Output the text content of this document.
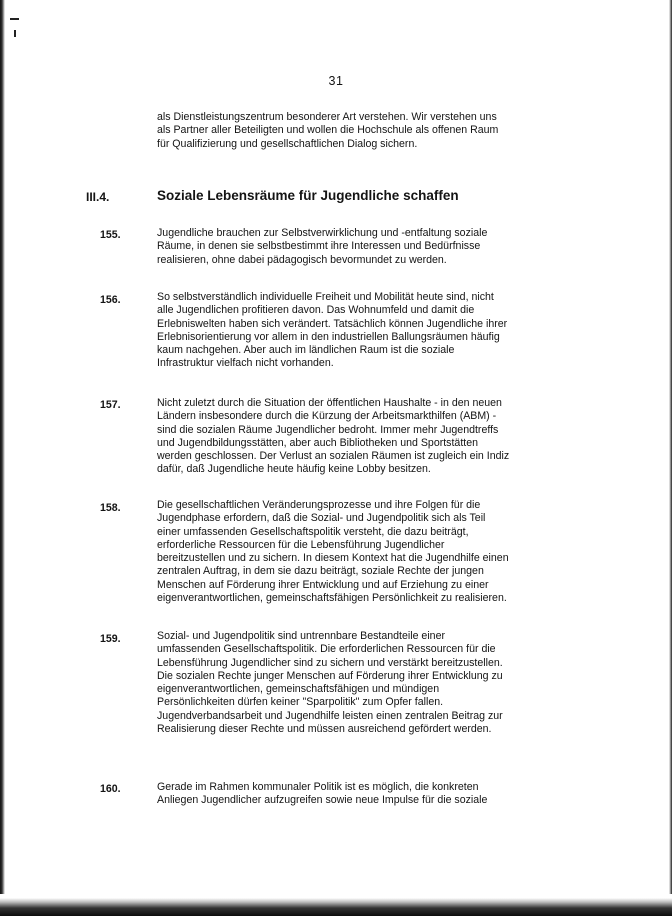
31

als Dienstleistungszentrum besonderer Art verstehen. Wir verstehen uns
als Partner aller Beteiligten und wollen die Hochschule als offenen Raum
für Qualifizierung und gesellschaftlichen Dialog sichern.

III.4.	Soziale Lebensräume für Jugendliche schaffen
155.	Jugendliche brauchen zur Selbstverwirklichung und -entfaltung soziale
Räume, in denen sie selbstbestimmt ihre Interessen und Bedürfnisse
realisieren, ohne dabei pädagogisch bevormundet zu werden.

156.	So selbstverständlich individuelle Freiheit und Mobilität heute sind, nicht
alle Jugendlichen profitieren davon. Das Wohnumfeld und damit die
Erlebniswelten haben sich verändert. Tatsächlich können Jugendliche ihrer
Erlebnisorientierung vor allem in den industriellen Ballungsräumen häufig
kaum nachgehen. Aber auch im ländlichen Raum ist die soziale
Infrastruktur vielfach nicht vorhanden.

157.	Nicht zuletzt durch die Situation der öffentlichen Haushalte - in den neuen
Ländern insbesondere durch die Kürzung der Arbeitsmarkthilfen (ABM) -
sind die sozialen Räume Jugendlicher bedroht. Immer mehr Jugendtreffs
und Jugendbildungsstätten, aber auch Bibliotheken und Sportstätten
werden geschlossen. Der Verlust an sozialen Räumen ist zugleich ein Indiz
dafür, daß Jugendliche heute häufig keine Lobby besitzen.

158.	Die gesellschaftlichen Veränderungsprozesse und ihre Folgen für die
Jugendphase erfordern, daß die Sozial- und Jugendpolitik sich als Teil
einer umfassenden Gesellschaftspolitik versteht, die dazu beiträgt,
erforderliche Ressourcen für die Lebensführung Jugendlicher
bereitzustellen und zu sichern. In diesem Kontext hat die Jugendhilfe einen
zentralen Auftrag, in dem sie dazu beiträgt, soziale Rechte der jungen
Menschen auf Förderung ihrer Entwicklung und auf Erziehung zu einer
eigenverantwortlichen, gemeinschaftsfähigen Persönlichkeit zu realisieren.

159.	Sozial- und Jugendpolitik sind untrennbare Bestandteile einer
umfassenden Gesellschaftspolitik. Die erforderlichen Ressourcen für die
Lebensführung Jugendlicher sind zu sichern und verstärkt bereitzustellen.
Die sozialen Rechte junger Menschen auf Förderung ihrer Entwicklung zu
eigenverantwortlichen, gemeinschaftsfähigen und mündigen
Persönlichkeiten dürfen keiner "Sparpolitik" zum Opfer fallen.
Jugendverbandsarbeit und Jugendhilfe leisten einen zentralen Beitrag zur
Realisierung dieser Rechte und müssen ausreichend gefördert werden.

160.	Gerade im Rahmen kommunaler Politik ist es möglich, die konkreten
Anliegen Jugendlicher aufzugreifen sowie neue Impulse für die soziale
